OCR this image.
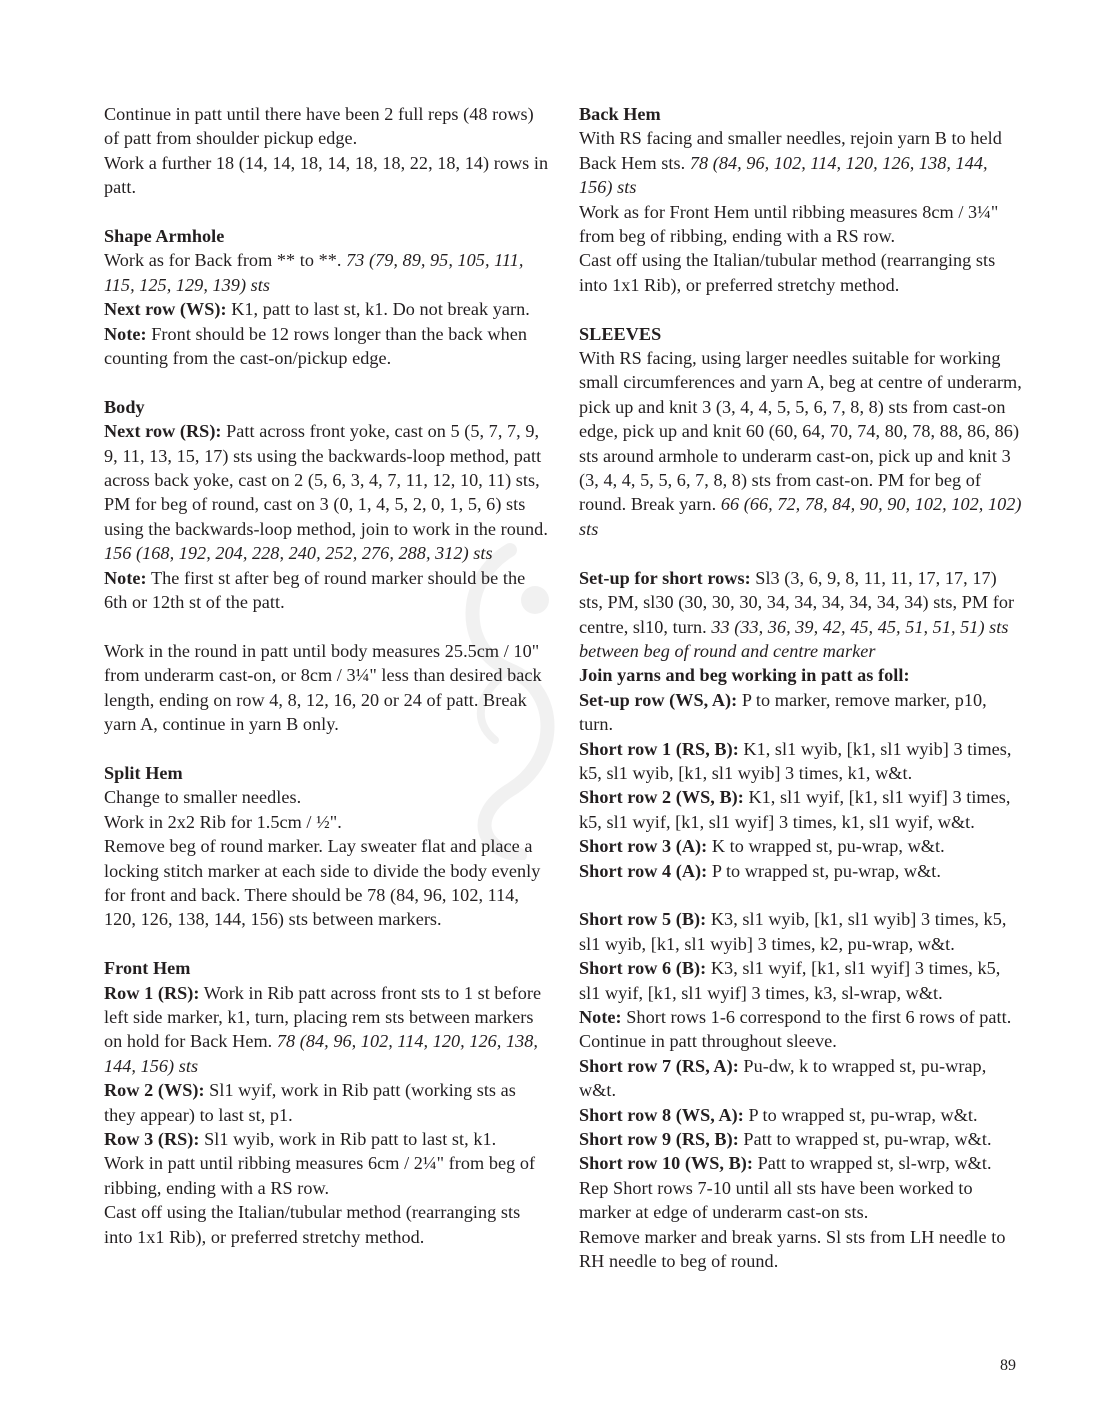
Continue in patt until there have been 2 full reps (48 rows) of patt from shoulder pickup edge.
Work a further 18 (14, 14, 18, 14, 18, 18, 22, 18, 14) rows in patt.
Shape Armhole
Work as for Back from ** to **. 73 (79, 89, 95, 105, 111, 115, 125, 129, 139) sts
Next row (WS): K1, patt to last st, k1. Do not break yarn.
Note: Front should be 12 rows longer than the back when counting from the cast-on/pickup edge.
Body
Next row (RS): Patt across front yoke, cast on 5 (5, 7, 7, 9, 9, 11, 13, 15, 17) sts using the backwards-loop method, patt across back yoke, cast on 2 (5, 6, 3, 4, 7, 11, 12, 10, 11) sts, PM for beg of round, cast on 3 (0, 1, 4, 5, 2, 0, 1, 5, 6) sts using the backwards-loop method, join to work in the round. 156 (168, 192, 204, 228, 240, 252, 276, 288, 312) sts
Note: The first st after beg of round marker should be the 6th or 12th st of the patt.
Work in the round in patt until body measures 25.5cm / 10" from underarm cast-on, or 8cm / 3¼" less than desired back length, ending on row 4, 8, 12, 16, 20 or 24 of patt. Break yarn A, continue in yarn B only.
Split Hem
Change to smaller needles.
Work in 2x2 Rib for 1.5cm / ½".
Remove beg of round marker. Lay sweater flat and place a locking stitch marker at each side to divide the body evenly for front and back. There should be 78 (84, 96, 102, 114, 120, 126, 138, 144, 156) sts between markers.
Front Hem
Row 1 (RS): Work in Rib patt across front sts to 1 st before left side marker, k1, turn, placing rem sts between markers on hold for Back Hem. 78 (84, 96, 102, 114, 120, 126, 138, 144, 156) sts
Row 2 (WS): Sl1 wyif, work in Rib patt (working sts as they appear) to last st, p1.
Row 3 (RS): Sl1 wyib, work in Rib patt to last st, k1.
Work in patt until ribbing measures 6cm / 2¼" from beg of ribbing, ending with a RS row.
Cast off using the Italian/tubular method (rearranging sts into 1x1 Rib), or preferred stretchy method.
Back Hem
With RS facing and smaller needles, rejoin yarn B to held Back Hem sts. 78 (84, 96, 102, 114, 120, 126, 138, 144, 156) sts
Work as for Front Hem until ribbing measures 8cm / 3¼" from beg of ribbing, ending with a RS row.
Cast off using the Italian/tubular method (rearranging sts into 1x1 Rib), or preferred stretchy method.
SLEEVES
With RS facing, using larger needles suitable for working small circumferences and yarn A, beg at centre of underarm, pick up and knit 3 (3, 4, 4, 5, 5, 6, 7, 8, 8) sts from cast-on edge, pick up and knit 60 (60, 64, 70, 74, 80, 78, 88, 86, 86) sts around armhole to underarm cast-on, pick up and knit 3 (3, 4, 4, 5, 5, 6, 7, 8, 8) sts from cast-on. PM for beg of round. Break yarn. 66 (66, 72, 78, 84, 90, 90, 102, 102, 102) sts
Set-up for short rows: Sl3 (3, 6, 9, 8, 11, 11, 17, 17, 17) sts, PM, sl30 (30, 30, 30, 34, 34, 34, 34, 34, 34) sts, PM for centre, sl10, turn. 33 (33, 36, 39, 42, 45, 45, 51, 51, 51) sts between beg of round and centre marker
Join yarns and beg working in patt as foll:
Set-up row (WS, A): P to marker, remove marker, p10, turn.
Short row 1 (RS, B): K1, sl1 wyib, [k1, sl1 wyib] 3 times, k5, sl1 wyib, [k1, sl1 wyib] 3 times, k1, w&t.
Short row 2 (WS, B): K1, sl1 wyif, [k1, sl1 wyif] 3 times, k5, sl1 wyif, [k1, sl1 wyif] 3 times, k1, sl1 wyif, w&t.
Short row 3 (A): K to wrapped st, pu-wrap, w&t.
Short row 4 (A): P to wrapped st, pu-wrap, w&t.
Short row 5 (B): K3, sl1 wyib, [k1, sl1 wyib] 3 times, k5, sl1 wyib, [k1, sl1 wyib] 3 times, k2, pu-wrap, w&t.
Short row 6 (B): K3, sl1 wyif, [k1, sl1 wyif] 3 times, k5, sl1 wyif, [k1, sl1 wyif] 3 times, k3, sl-wrap, w&t.
Note: Short rows 1-6 correspond to the first 6 rows of patt. Continue in patt throughout sleeve.
Short row 7 (RS, A): Pu-dw, k to wrapped st, pu-wrap, w&t.
Short row 8 (WS, A): P to wrapped st, pu-wrap, w&t.
Short row 9 (RS, B): Patt to wrapped st, pu-wrap, w&t.
Short row 10 (WS, B): Patt to wrapped st, sl-wrp, w&t.
Rep Short rows 7-10 until all sts have been worked to marker at edge of underarm cast-on sts.
Remove marker and break yarns. Sl sts from LH needle to RH needle to beg of round.
89
